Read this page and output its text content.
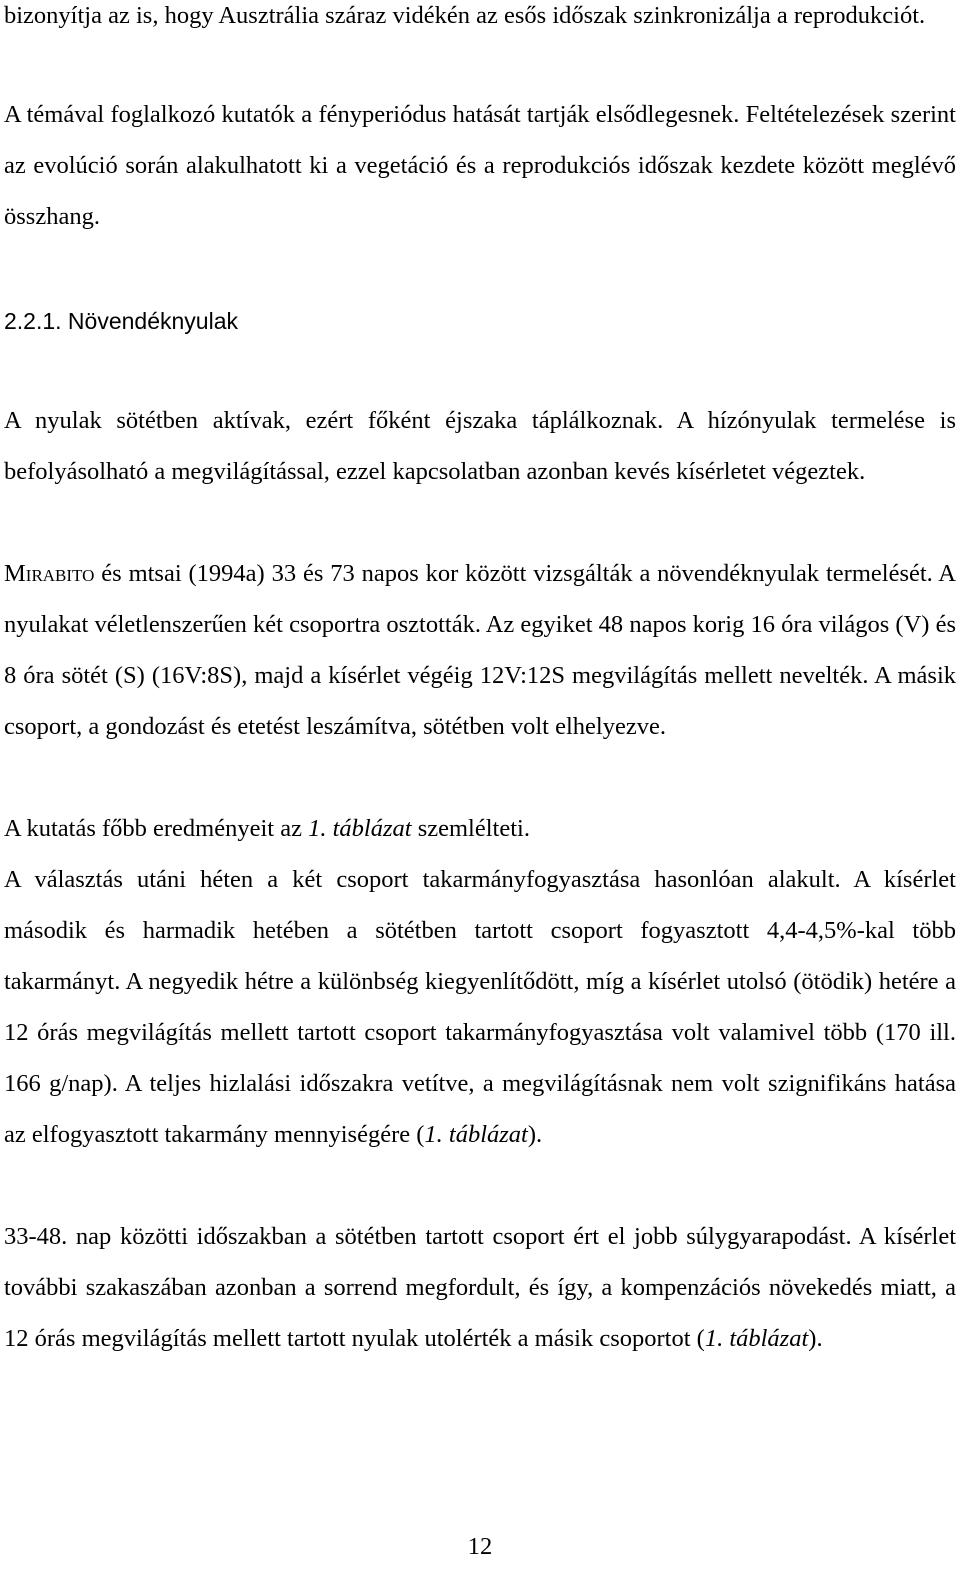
bizonyítja az is, hogy Ausztrália száraz vidékén az esős időszak szinkronizálja a reprodukciót.

A témával foglalkozó kutatók a fényperiódus hatását tartják elsődlegesnek. Feltételezések szerint az evolúció során alakulhatott ki a vegetáció és a reprodukciós időszak kezdete között meglévő összhang.

2.2.1. Növendéknyulak

A nyulak sötétben aktívak, ezért főként éjszaka táplálkoznak. A hízónyulak termelése is befolyásolható a megvilágítással, ezzel kapcsolatban azonban kevés kísérletet végeztek.

Mirabito és mtsai (1994a) 33 és 73 napos kor között vizsgálták a növendéknyulak termelését. A nyulakat véletlenszerűen két csoportra osztották. Az egyiket 48 napos korig 16 óra világos (V) és 8 óra sötét (S) (16V:8S), majd a kísérlet végéig 12V:12S megvilágítás mellett nevelték. A másik csoport, a gondozást és etetést leszámítva, sötétben volt elhelyezve.

A kutatás főbb eredményeit az 1. táblázat szemlélteti.

A választás utáni héten a két csoport takarmányfogyasztása hasonlóan alakult. A kísérlet második és harmadik hetében a sötétben tartott csoport fogyasztott 4,4-4,5%-kal több takarmányt. A negyedik hétre a különbség kiegyenlítődött, míg a kísérlet utolsó (ötödik) hetére a 12 órás megvilágítás mellett tartott csoport takarmányfogyasztása volt valamivel több (170 ill. 166 g/nap). A teljes hizlalási időszakra vetítve, a megvilágításnak nem volt szignifikáns hatása az elfogyasztott takarmány mennyiségére (1. táblázat).

33-48. nap közötti időszakban a sötétben tartott csoport ért el jobb súlygyarapodást. A kísérlet további szakaszában azonban a sorrend megfordult, és így, a kompenzációs növekedés miatt, a 12 órás megvilágítás mellett tartott nyulak utolérték a másik csoportot (1. táblázat).

12
